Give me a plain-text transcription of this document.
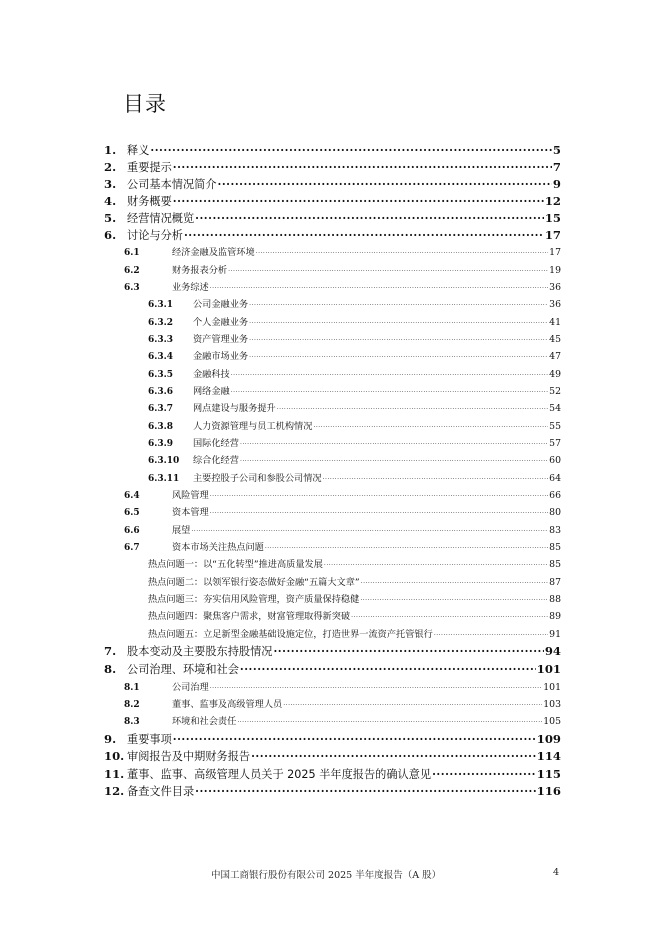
目录
1. 释义 .....	5
2. 重要提示 .....	7
3. 公司基本情况简介 .....	9
4. 财务概要 .....	12
5. 经营情况概览 .....	15
6. 讨论与分析 .....	17
6.1	经济金融及监管环境 .....	17
6.2	财务报表分析 .....	19
6.3	业务综述 .....	36
6.3.1	公司金融业务 .....	36
6.3.2	个人金融业务 .....	41
6.3.3	资产管理业务 .....	45
6.3.4	金融市场业务 .....	47
6.3.5	金融科技 .....	49
6.3.6	网络金融 .....	52
6.3.7	网点建设与服务提升 .....	54
6.3.8	人力资源管理与员工机构情况 .....	55
6.3.9	国际化经营 .....	57
6.3.10	综合化经营 .....	60
6.3.11	主要控股子公司和参股公司情况 .....	64
6.4	风险管理 .....	66
6.5	资本管理 .....	80
6.6	展望 .....	83
6.7	资本市场关注热点问题 .....	85
热点问题一：以“五化转型”推进高质量发展 .....	85
热点问题二：以领军银行姿态做好金融“五篇大文章” .....	87
热点问题三：夯实信用风险管理，资产质量保持稳健 .....	88
热点问题四：聚焦客户需求，财富管理取得新突破 .....	89
热点问题五：立足新型金融基础设施定位，打造世界一流资产托管银行 .....	91
7. 股本变动及主要股东持股情况 .....	94
8. 公司治理、环境和社会 .....	101
8.1	公司治理 .....	101
8.2	董事、监事及高级管理人员 .....	103
8.3	环境和社会责任 .....	105
9. 重要事项 .....	109
10. 审阅报告及中期财务报告 .....	114
11. 董事、监事、高级管理人员关于 2025 半年度报告的确认意见 .....	115
12. 备查文件目录 .....	116
中国工商银行股份有限公司 2025 半年度报告（A 股）	4
